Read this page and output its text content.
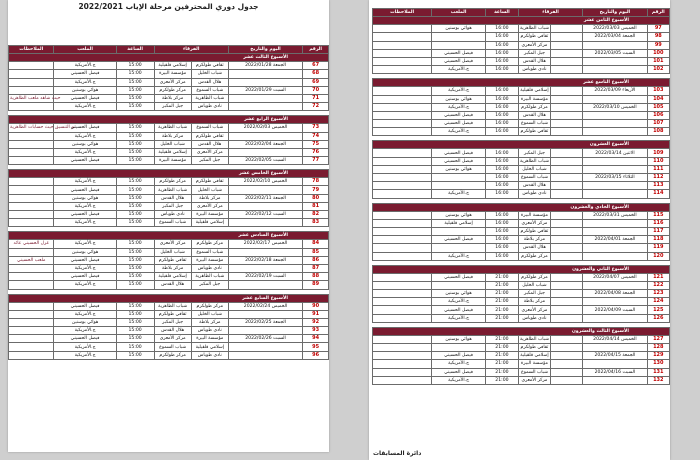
جدول دوري المحترفين مرحلة الإياب 2022/2021
الملاحظات	الملعب	الساعة	الفرقاء		اليوم والتاريخ	الرقم
الأسبوع الثالث عشر						
	ج.الأمريكية	15:00	إسلامي قلقيلية	ثقافي طولكرم	الجمعة 2022/01/28	67
	فيصل الحسيني	15:00	مؤسسة البيرة	شباب الخليل		68
	ج.الأمريكية	15:00	مركز الأمعري	هلال القدس		69
	هوائي بوسنين	15:00	مركز طولكرم	شباب السموع	السبت 2022/01/29	70
حيث شاهد ملعب الظاهرية	فيصل الحسيني	15:00	مركز بلاطة	شباب الظاهرية		71
	ج.الأمريكية	15:00	جبل المكبر	نادي طوباس		72

الأسبوع الرابع عشر						
تم التنسيق حيث حسابات الظاهرية	فيصل الحسيني	15:00	شباب الظاهرية	شباب السموع	الخميس 2022/02/03	73
	ج.الأمريكية	15:00	مركز بلاطة	ثقافي طولكرم		74
	هوائي بوسنين	15:00	شباب الخليل	هلال القدس	الجمعة 2022/02/04	75
	ج.الأمريكية	15:00	إسلامي قلقيلية	مركز الأمعري		76
	فيصل الحسيني	15:00	مؤسسة البيرة	جبل المكبر	السبت 2022/02/05	77

الأسبوع الخامس عشر						
	ج.الأمريكية	15:00	مركز طولكرم	ثقافي طولكرم	الخميس 2022/02/10	78
	فيصل الحسيني	15:00	شباب الظاهرية	شباب الخليل		79
	هوائي بوسنين	15:00	هلال القدس	مركز بلاطة	الجمعة 2022/02/11	80
	ج.الأمريكية	15:00	جبل المكبر	مركز الأمعري		81
	فيصل الحسيني	15:00	نادي طوباس	مؤسسة البيرة	السبت 2022/02/12	82
	ج.الأمريكية	15:00	شباب السموع	إسلامي قلقيلية		83

الأسبوع السادس عشر						
غزل الحسيني عائد	ج.الأمريكية	15:00	مركز الأمعري	مركز طولكرم	الخميس 2022/02/17	84
	هوائي بوسنين	15:00	شباب الخليل	شباب السموع		85
ملعب الحسيني	فيصل الحسيني	15:00	ثقافي طولكرم	مؤسسة البيرة	الجمعة 2022/02/18	86
	ج.الأمريكية	15:00	مركز بلاطة	نادي طوباس		87
	فيصل الحسيني	15:00	إسلامي قلقيلية	شباب الظاهرية	السبت 2022/02/19	88
	ج.الأمريكية	15:00	هلال القدس	جبل المكبر		89

الأسبوع السابع عشر						
	فيصل الحسيني	15:00	شباب الظاهرية	مركز طولكرم	الخميس 2022/02/24	90
	ج.الأمريكية	15:00	ثقافي طولكرم	شباب الخليل		91
	هوائي بوسنين	15:00	جبل المكبر	مركز بلاطة	الجمعة 2022/02/25	92
	ج.الأمريكية	15:00	هلال القدس	نادي طوباس		93
	فيصل الحسيني	15:00	مركز الأمعري	مؤسسة البيرة	السبت 2022/02/26	94
	ج.الأمريكية	15:00	شباب السموع	إسلامي قلقيلية		95
	ج.الأمريكية	15:00	مركز طولكرم	نادي طوباس		96
الملاحظات	الملعب	الساعة	الفرقاء		اليوم والتاريخ	الرقم
الأسبوع الثامن عشر						
	هوائي بوسنين	16:00	شباب الظاهرية		الخميس 2022/03/03	97
		16:00	ثقافي طولكرم		الجمعة 2022/03/04	98
		16:00	مركز الأمعري			99
	فيصل الحسيني	16:00	جبل المكبر		السبت 2022/03/05	100
	فيصل الحسيني	16:00	هلال القدس			101
	ج.الأمريكية	16:00	نادي طوباس			102

الأسبوع التاسع عشر						
	ج.الأمريكية	16:00	إسلامي قلقيلية		الأربعاء 2022/03/09	103
	هوائي بوسنين	16:00	مؤسسة البيرة			104
	ج.الأمريكية	16:00	مركز طولكرم		الخميس 2022/03/10	105
	فيصل الحسيني	16:00	هلال القدس			106
	فيصل الحسيني	16:00	شباب السموع			107
	ج.الأمريكية	16:00	ثقافي طولكرم			108

الأسبوع العشرون						
	فيصل الحسيني	16:00	جبل المكبر		الاثنين 2022/03/14	109
	فيصل الحسيني	16:00	شباب الظاهرية			110
	هوائي بوسنين	16:00	شباب الخليل			111
		16:00	شباب السموع		الثلاثاء 2022/03/15	112
		16:00	هلال القدس			113
	ج.الأمريكية	16:00	نادي طوباس			114

الأسبوع الحادي والعشرون						
	هوائي بوسنين	16:00	مؤسسة البيرة		الخميس 2022/03/31	115
	إسلامي قلقيلية	16:00	مركز الأمعري			116
		16:00	ثقافي طولكرم			117
	فيصل الحسيني	16:00	مركز بلاطة		الجمعة 2022/04/01	118
		16:00	هلال القدس			119
	ج.الأمريكية	16:00	مركز طولكرم			120

الأسبوع الثاني والعشرون						
	فيصل الحسيني	21:00	مركز طولكرم		الخميس 2022/04/07	121
		21:00	شباب الخليل			122
	هوائي بوسنين	21:00	جبل المكبر		الجمعة 2022/04/08	123
	ج.الأمريكية	21:00	مركز بلاطة			124
	فيصل الحسيني	21:00	مركز الأمعري		السبت 2022/04/09	125
	ج.الأمريكية	21:00	نادي طوباس			126

الأسبوع الثالث والعشرون						
	هوائي بوسنين	21:00	شباب الظاهرية		الخميس 2022/04/14	127
		21:00	ثقافي طولكرم			128
	فيصل الحسيني	21:00	إسلامي قلقيلية		الجمعة 2022/04/15	129
	ج.الأمريكية	21:00	مؤسسة البيرة			130
	فيصل الحسيني	21:00	شباب السموع		السبت 2022/04/16	131
	ج.الأمريكية	21:00	مركز الأمعري			132
دائرة المسابقات
